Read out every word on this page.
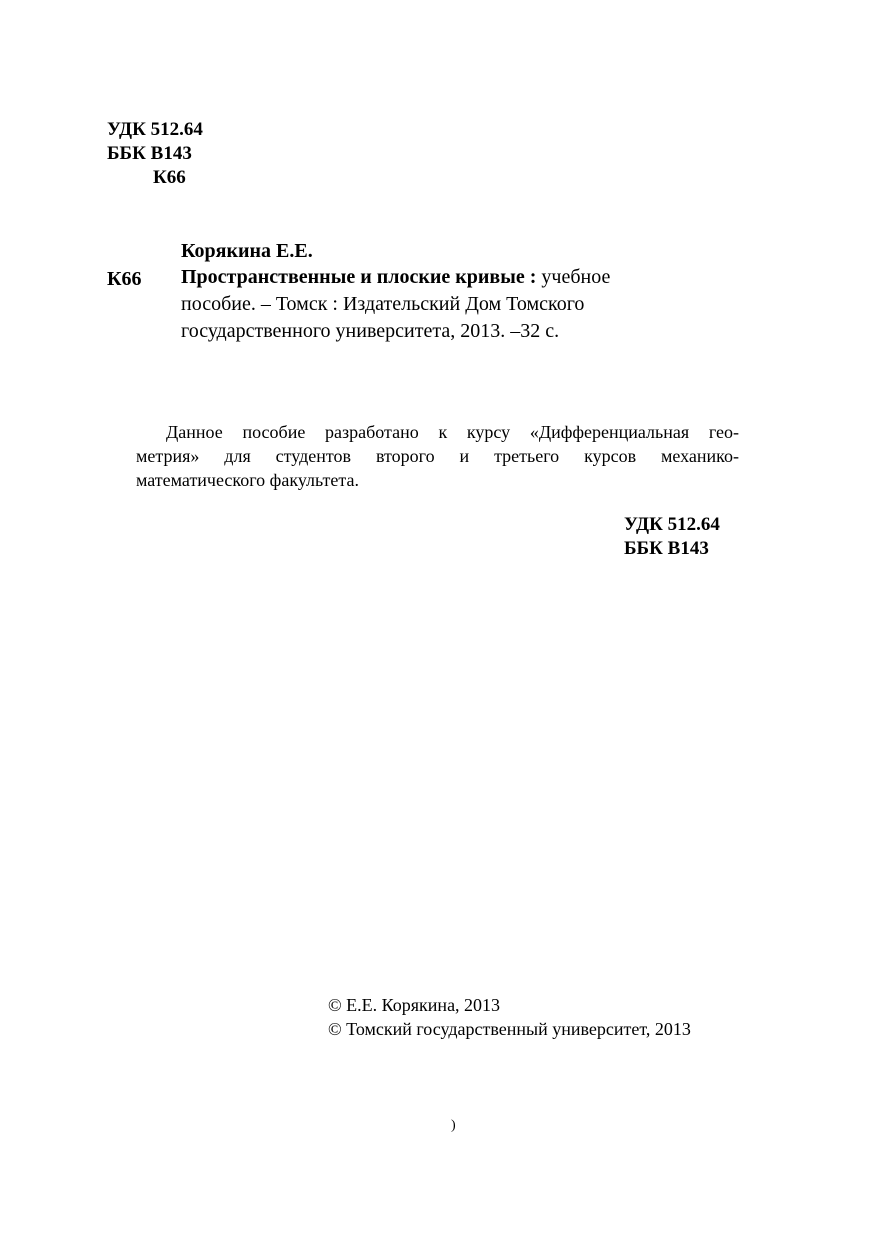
УДК 512.64
ББК В143
К66
Корякина Е.Е.
К66 Пространственные и плоские кривые : учебное

пособие. – Томск : Издательский Дом Томского

государственного университета, 2013. –32 с.

Данное пособие разработано к курсу «Дифференциальная гео-
метрия» для студентов второго и третьего курсов механико-
математического факультета.
УДК 512.64
ББК В143
© Е.Е. Корякина, 2013
© Томский государственный университет, 2013
)
